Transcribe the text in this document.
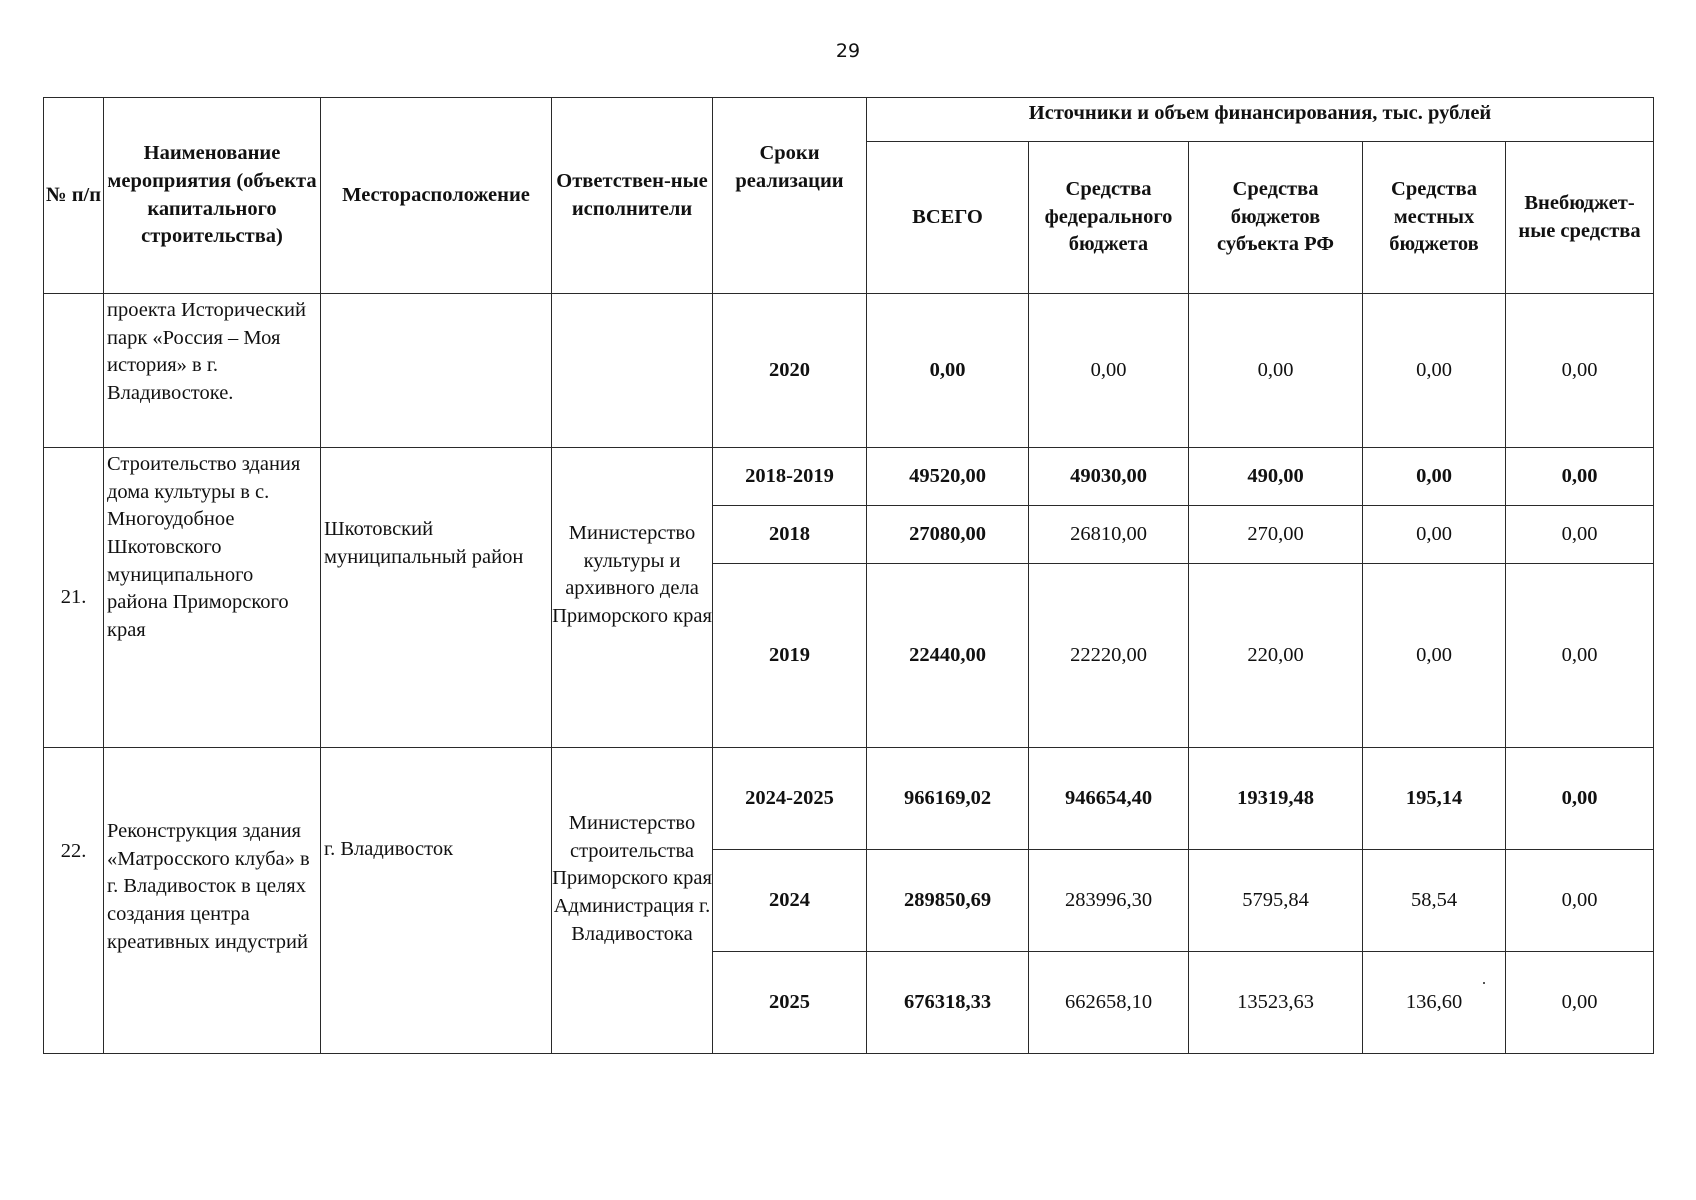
29
№ п/п	Наименование мероприятия (объекта капитального строительства)	Месторасположение	Ответствен-ные исполнители	Сроки реализации	Источники и объем финансирования, тыс. рублей				
					ВСЕГО	Средства федерального бюджета	Средства бюджетов субъекта РФ	Средства местных бюджетов	Внебюджет-ные средства
	проекта Исторический парк «Россия – Моя история» в г. Владивостоке.			2020	0,00	0,00	0,00	0,00	0,00
21.	Строительство здания дома культуры в с. Многоудобное Шкотовского муниципального района Приморского края	Шкотовский муниципальный район	Министерство культуры и архивного дела Приморского края	2018-2019	49520,00	49030,00	490,00	0,00	0,00
				2018	27080,00	26810,00	270,00	0,00	0,00
				2019	22440,00	22220,00	220,00	0,00	0,00
22.	Реконструкция здания «Матросского клуба» в г. Владивосток в целях создания центра креативных индустрий	г. Владивосток	Министерство строительства Приморского края Администрация г. Владивостока	2024-2025	966169,02	946654,40	19319,48	195,14	0,00
				2024	289850,69	283996,30	5795,84	58,54	0,00
				2025	676318,33	662658,10	13523,63	136,60	0,00
